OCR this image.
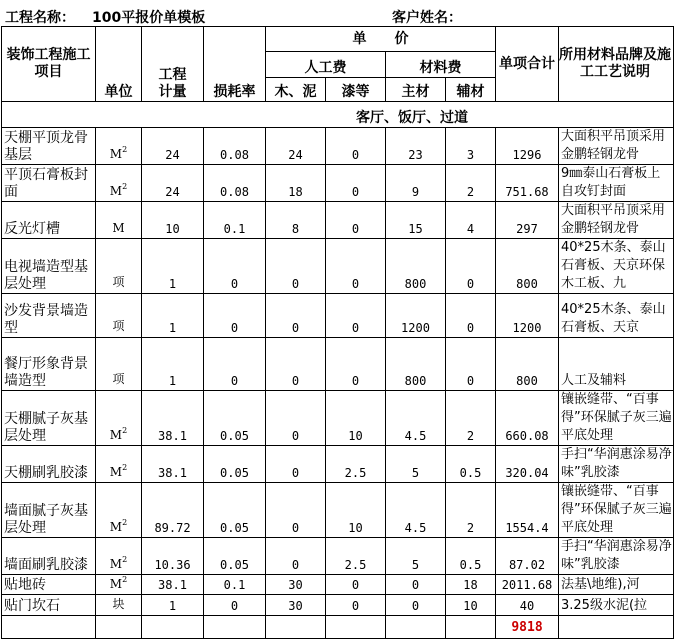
工程名称： 100平报价单模板	客户姓名：
装饰工程施工项目	单位	工程计量	损耗率	单　　价				单项合计	所用材料品牌及施工工艺说明

				人工费		材料费			
				木、泥	漆等	主材	辅材		
				客厅、饭厅、过道					
天棚平顶龙骨基层	$M^2$	24	0.08	24	0	23	3	1296	大面积平吊顶采用金鹏轻钢龙骨
平顶石膏板封面	$M^2$	24	0.08	18	0	9	2	751.68	9㎜泰山石膏板上自攻钉封面
反光灯槽	M	10	0.1	8	0	15	4	297	大面积平吊顶采用金鹏轻钢龙骨
电视墙造型基层处理	项	1	0	0	0	800	0	800	40*25木条、泰山石膏板、天京环保木工板、九
沙发背景墙造型	项	1	0	0	0	1200	0	1200	40*25木条、泰山石膏板、天京
餐厅形象背景墙造型	项	1	0	0	0	800	0	800	人工及辅料
天棚腻子灰基层处理	$M^2$	38.1	0.05	0	10	4.5	2	660.08	镶嵌缝带、“百事得”环保腻子灰三遍平底处理
天棚刷乳胶漆	$M^2$	38.1	0.05	0	2.5	5	0.5	320.04	手扫“华润惠涂易净味”乳胶漆
墙面腻子灰基层处理	$M^2$	89.72	0.05	0	10	4.5	2	1554.4	镶嵌缝带、“百事得”环保腻子灰三遍平底处理
墙面刷乳胶漆	$M^2$	10.36	0.05	0	2.5	5	0.5	87.02	手扫“华润惠涂易净味”乳胶漆
贴地砖	$M^2$	38.1	0.1	30	0	0	18	2011.68	法基\地维),河
贴门坎石	块	1	0	30	0	0	10	40	3.25级水泥(拉
								9818	
